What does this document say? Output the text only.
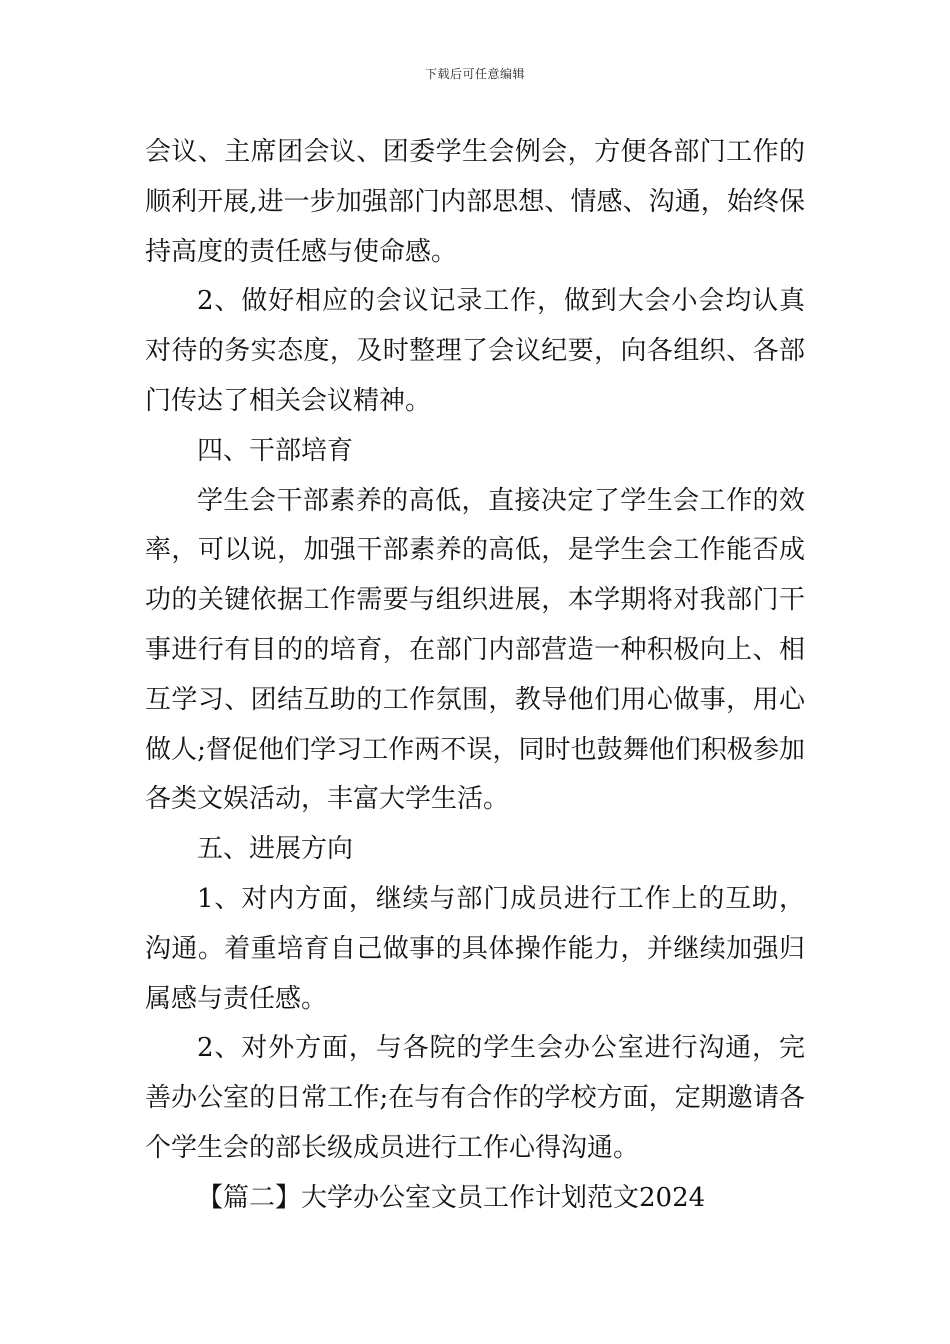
下载后可任意编辑

会议、主席团会议、团委学生会例会，方便各部门工作的顺利开展,进一步加强部门内部思想、情感、沟通，始终保持高度的责任感与使命感。

2、做好相应的会议记录工作，做到大会小会均认真对待的务实态度，及时整理了会议纪要，向各组织、各部门传达了相关会议精神。

四、干部培育

学生会干部素养的高低，直接决定了学生会工作的效率，可以说，加强干部素养的高低，是学生会工作能否成功的关键依据工作需要与组织进展，本学期将对我部门干事进行有目的的培育，在部门内部营造一种积极向上、相互学习、团结互助的工作氛围，教导他们用心做事，用心做人;督促他们学习工作两不误，同时也鼓舞他们积极参加各类文娱活动，丰富大学生活。

五、进展方向

1、对内方面，继续与部门成员进行工作上的互助，沟通。着重培育自己做事的具体操作能力，并继续加强归属感与责任感。

2、对外方面，与各院的学生会办公室进行沟通，完善办公室的日常工作;在与有合作的学校方面，定期邀请各个学生会的部长级成员进行工作心得沟通。

【篇二】大学办公室文员工作计划范文2024
